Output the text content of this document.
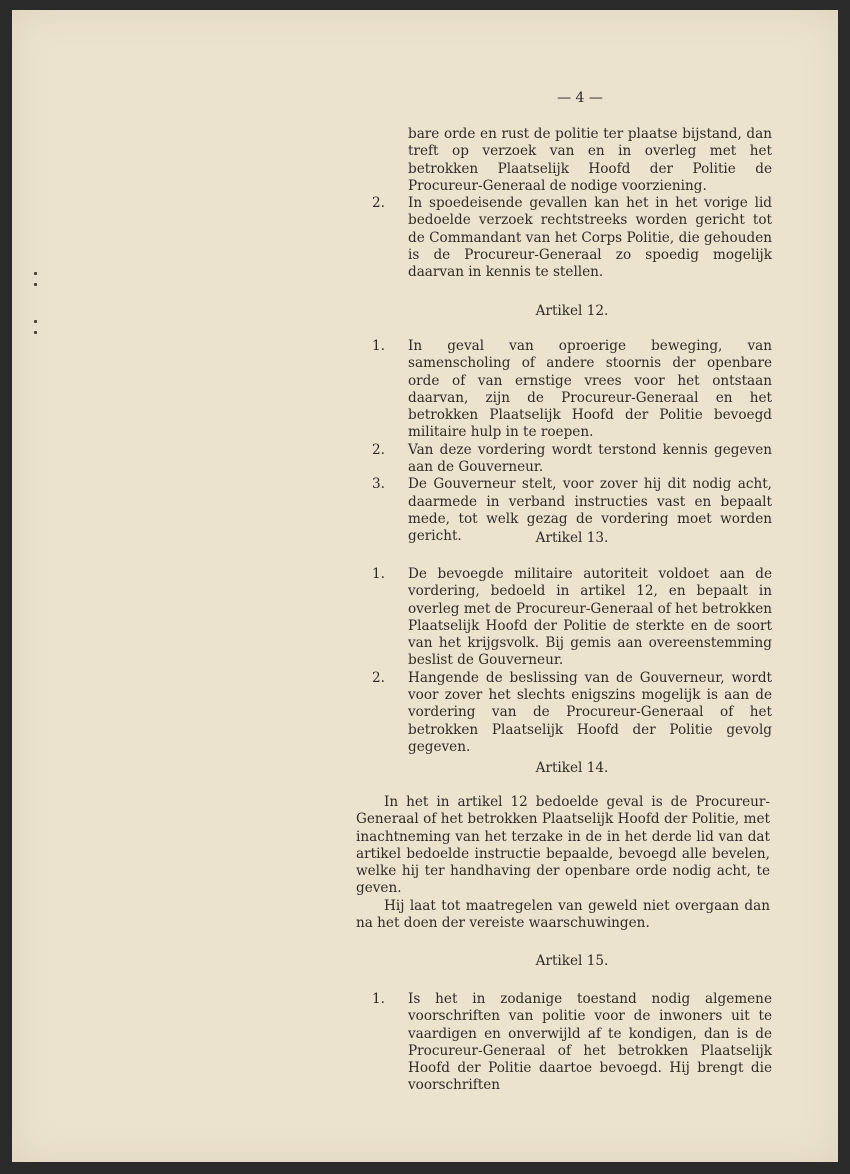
— 4 —
bare orde en rust de politie ter plaatse bijstand, dan treft op verzoek van en in overleg met het betrokken Plaatselijk Hoofd der Politie de Procureur-Generaal de nodige voorziening.
2.	In spoedeisende gevallen kan het in het vorige lid bedoelde verzoek rechtstreeks worden gericht tot de Commandant van het Corps Politie, die gehouden is de Procureur-Generaal zo spoedig mogelijk daarvan in kennis te stellen.
Artikel 12.
1.	In geval van oproerige beweging, van samenscholing of andere stoornis der openbare orde of van ernstige vrees voor het ontstaan daarvan, zijn de Procureur-Generaal en het betrokken Plaatselijk Hoofd der Politie bevoegd militaire hulp in te roepen.
2.	Van deze vordering wordt terstond kennis gegeven aan de Gouverneur.
3.	De Gouverneur stelt, voor zover hij dit nodig acht, daarmede in verband instructies vast en bepaalt mede, tot welk gezag de vordering moet worden gericht.	Artikel 13.
1.	De bevoegde militaire autoriteit voldoet aan de vordering, bedoeld in artikel 12, en bepaalt in overleg met de Procureur-Generaal of het betrokken Plaatselijk Hoofd der Politie de sterkte en de soort van het krijgsvolk. Bij gemis aan overeenstemming beslist de Gouverneur.
2.	Hangende de beslissing van de Gouverneur, wordt voor zover het slechts enigszins mogelijk is aan de vordering van de Procureur-Generaal of het betrokken Plaatselijk Hoofd der Politie gevolg gegeven.
Artikel 14.
In het in artikel 12 bedoelde geval is de Procureur-Generaal of het betrokken Plaatselijk Hoofd der Politie, met inachtneming van het terzake in de in het derde lid van dat artikel bedoelde instructie bepaalde, bevoegd alle bevelen, welke hij ter handhaving der openbare orde nodig acht, te geven.
Hij laat tot maatregelen van geweld niet overgaan dan na het doen der vereiste waarschuwingen.
Artikel 15.
1.	Is het in zodanige toestand nodig algemene voorschriften van politie voor de inwoners uit te vaardigen en onverwijld af te kondigen, dan is de Procureur-Generaal of het betrokken Plaatselijk Hoofd der Politie daartoe bevoegd. Hij brengt die voorschriften
